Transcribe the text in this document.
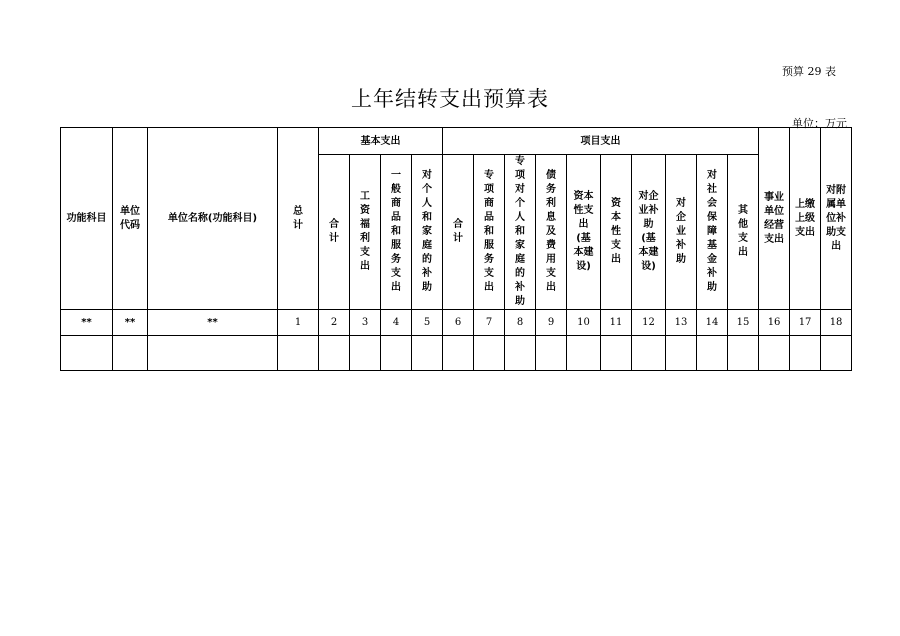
预算 29 表
上年结转支出预算表
单位：万元
功能科目	单位代码	单位名称(功能科目)	总计	基本支出				项目支出										事业单位经营支出	上缴上级支出	对附属单位补助支出
				合计	工资福利支出	一般商品和服务支出	对个人和家庭的补助	合计	专项商品和服务支出	专项对个人和家庭的补助	债务利息及费用支出	资本性支出(基本建设)	资本性支出	对企业补助(基本建设)	对企业补助	对社会保障基金补助	其他支出			
**	**	**	1	2	3	4	5	6	7	8	9	10	11	12	13	14	15	16	17	18
